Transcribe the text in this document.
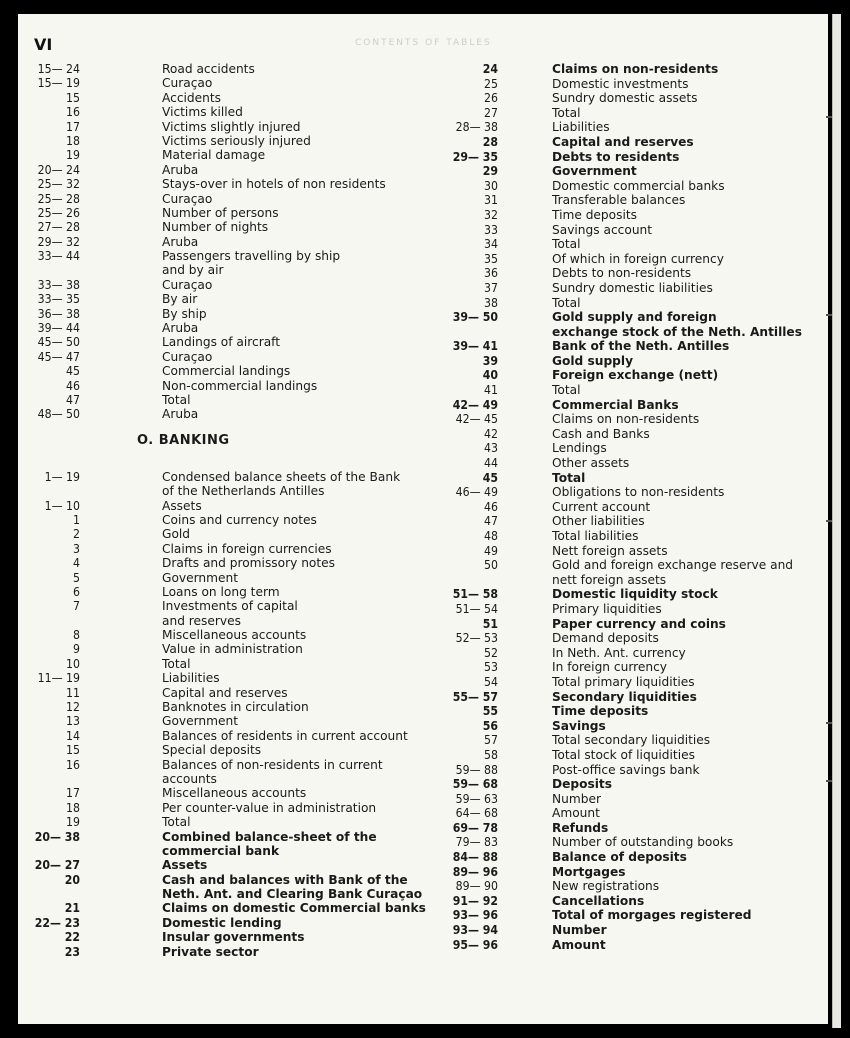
VI	CONTENTS OF TABLES
15— 24	Road accidents
15— 19	Curaçao
15	Accidents
16	Victims killed
17	Victims slightly injured
18	Victims seriously injured
19	Material damage
20— 24	Aruba
25— 32	Stays-over in hotels of non residents
25— 28	Curaçao
25— 26	Number of persons
27— 28	Number of nights
29— 32	Aruba
33— 44	Passengers travelling by ship
and by air
33— 38	Curaçao
33— 35	By air
36— 38	By ship
39— 44	Aruba
45— 50	Landings of aircraft
45— 47	Curaçao
45	Commercial landings
46	Non-commercial landings
47	Total
48— 50	Aruba
O. BANKING
1— 19	Condensed balance sheets of the Bank
of the Netherlands Antilles
1— 10	Assets
1	Coins and currency notes
2	Gold
3	Claims in foreign currencies
4	Drafts and promissory notes
5	Government
6	Loans on long term
7	Investments of capital
and reserves
8	Miscellaneous accounts
9	Value in administration
10	Total
11— 19	Liabilities
11	Capital and reserves
12	Banknotes in circulation
13	Government
14	Balances of residents in current account
15	Special deposits
16	Balances of non-residents in current
accounts
17	Miscellaneous accounts
18	Per counter-value in administration
19	Total
20— 38	Combined balance-sheet of the
commercial bank
20— 27	Assets
20	Cash and balances with Bank of the
Neth. Ant. and Clearing Bank Curaçao
21	Claims on domestic Commercial banks
22— 23	Domestic lending
22	Insular governments
23	Private sector
24	Claims on non-residents
25	Domestic investments
26	Sundry domestic assets
27	Total
28— 38	Liabilities
28	Capital and reserves
29— 35	Debts to residents
29	Government
30	Domestic commercial banks
31	Transferable balances
32	Time deposits
33	Savings account
34	Total
35	Of which in foreign currency
36	Debts to non-residents
37	Sundry domestic liabilities
38	Total
39— 50	Gold supply and foreign
exchange stock of the Neth. Antilles
39— 41	Bank of the Neth. Antilles
39	Gold supply
40	Foreign exchange (nett)
41	Total
42— 49	Commercial Banks
42— 45	Claims on non-residents
42	Cash and Banks
43	Lendings
44	Other assets
45	Total
46— 49	Obligations to non-residents
46	Current account
47	Other liabilities
48	Total liabilities
49	Nett foreign assets
50	Gold and foreign exchange reserve and
nett foreign assets
51— 58	Domestic liquidity stock
51— 54	Primary liquidities
51	Paper currency and coins
52— 53	Demand deposits
52	In Neth. Ant. currency
53	In foreign currency
54	Total primary liquidities
55— 57	Secondary liquidities
55	Time deposits
56	Savings
57	Total secondary liquidities
58	Total stock of liquidities
59— 88	Post-office savings bank
59— 68	Deposits
59— 63	Number
64— 68	Amount
69— 78	Refunds
79— 83	Number of outstanding books
84— 88	Balance of deposits
89— 96	Mortgages
89— 90	New registrations
91— 92	Cancellations
93— 96	Total of morgages registered
93— 94	Number
95— 96	Amount
